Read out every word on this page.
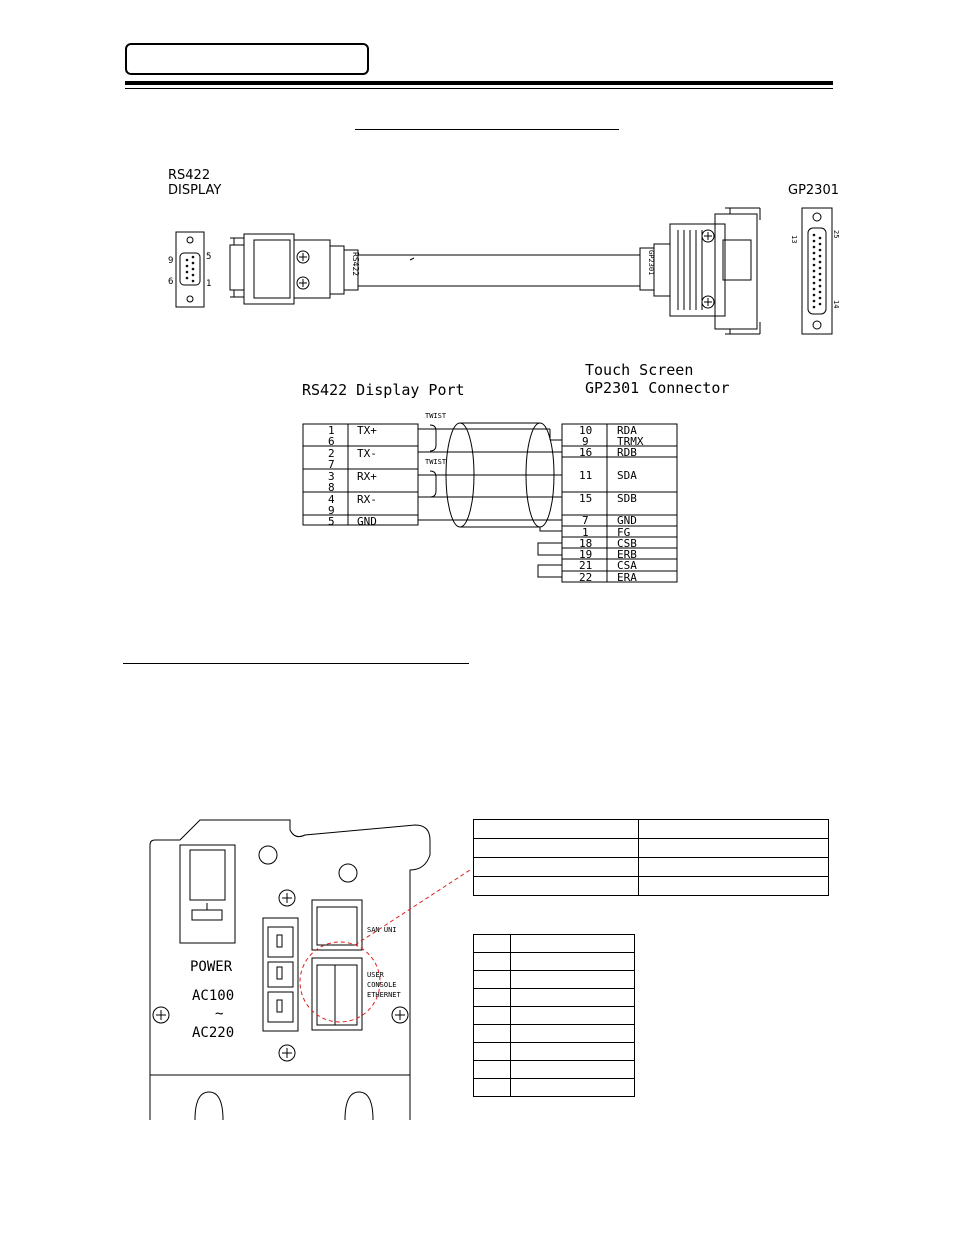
RS422
DISPLAY	GP2301
9	5
6	1
13
25
14
RS422	GP2301
RS422 Display Port
Touch Screen
GP2301 Connector
TWIST
TWIST
1 TX+
6
2 TX-
7
3 RX+
8
4 RX-
9
5 GND
10 RDA
9	TRMX
16 RDB
11 SDA
15 SDB
7	GND
1	FG
18 CSB
19 ERB
21 CSA
22 ERA
POWER
AC100
~
AC220
SAN UNI
USER
CONSOLE
ETHERNET
